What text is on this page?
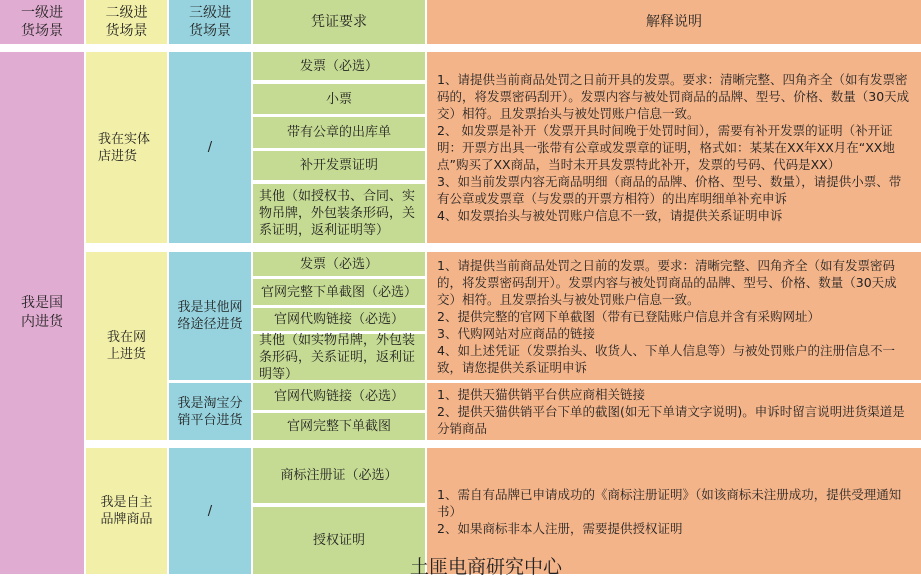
一级进
货场景
二级进
货场景
三级进
货场景
凭证要求	解释说明
我是国
内进货
我在实体
店进货
/
发票（必选）
小票
带有公章的出库单
补开发票证明
其他（如授权书、合同、实物吊牌，外包装条形码，关系证明，返利证明等）
1、请提供当前商品处罚之日前开具的发票。要求：清晰完整、四角齐全（如有发票密码的，将发票密码刮开）。发票内容与被处罚商品的品牌、型号、价格、数量（30天成交）相符。且发票抬头与被处罚账户信息一致。
2、 如发票是补开（发票开具时间晚于处罚时间），需要有补开发票的证明（补开证明：开票方出具一张带有公章或发票章的证明，格式如：某某在XX年XX月在“XX地点”购买了XX商品，当时未开具发票特此补开，发票的号码、代码是XX）
3、如当前发票内容无商品明细（商品的品牌、价格、型号、数量），请提供小票、带有公章或发票章（与发票的开票方相符）的出库明细单补充申诉
4、如发票抬头与被处罚账户信息不一致，请提供关系证明申诉
我在网
上进货
我是其他网
络途径进货
发票（必选）
官网完整下单截图（必选）
官网代购链接（必选）
其他（如实物吊牌，外包装条形码，关系证明，返利证明等）
1、请提供当前商品处罚之日前的发票。要求：清晰完整、四角齐全（如有发票密码的，将发票密码刮开）。发票内容与被处罚商品的品牌、型号、价格、数量（30天成交）相符。且发票抬头与被处罚账户信息一致。
2、提供完整的官网下单截图（带有已登陆账户信息并含有采购网址）
3、代购网站对应商品的链接
4、如上述凭证（发票抬头、收货人、下单人信息等）与被处罚账户的注册信息不一致，请您提供关系证明申诉
我是淘宝分
销平台进货
官网代购链接（必选）
官网完整下单截图
1、提供天猫供销平台供应商相关链接
2、提供天猫供销平台下单的截图(如无下单请文字说明)。申诉时留言说明进货渠道是分销商品
我是自主
品牌商品
/
商标注册证（必选）
授权证明
1、需自有品牌已申请成功的《商标注册证明》（如该商标未注册成功，提供受理通知书）
2、如果商标非本人注册，需要提供授权证明
土匪电商研究中心
